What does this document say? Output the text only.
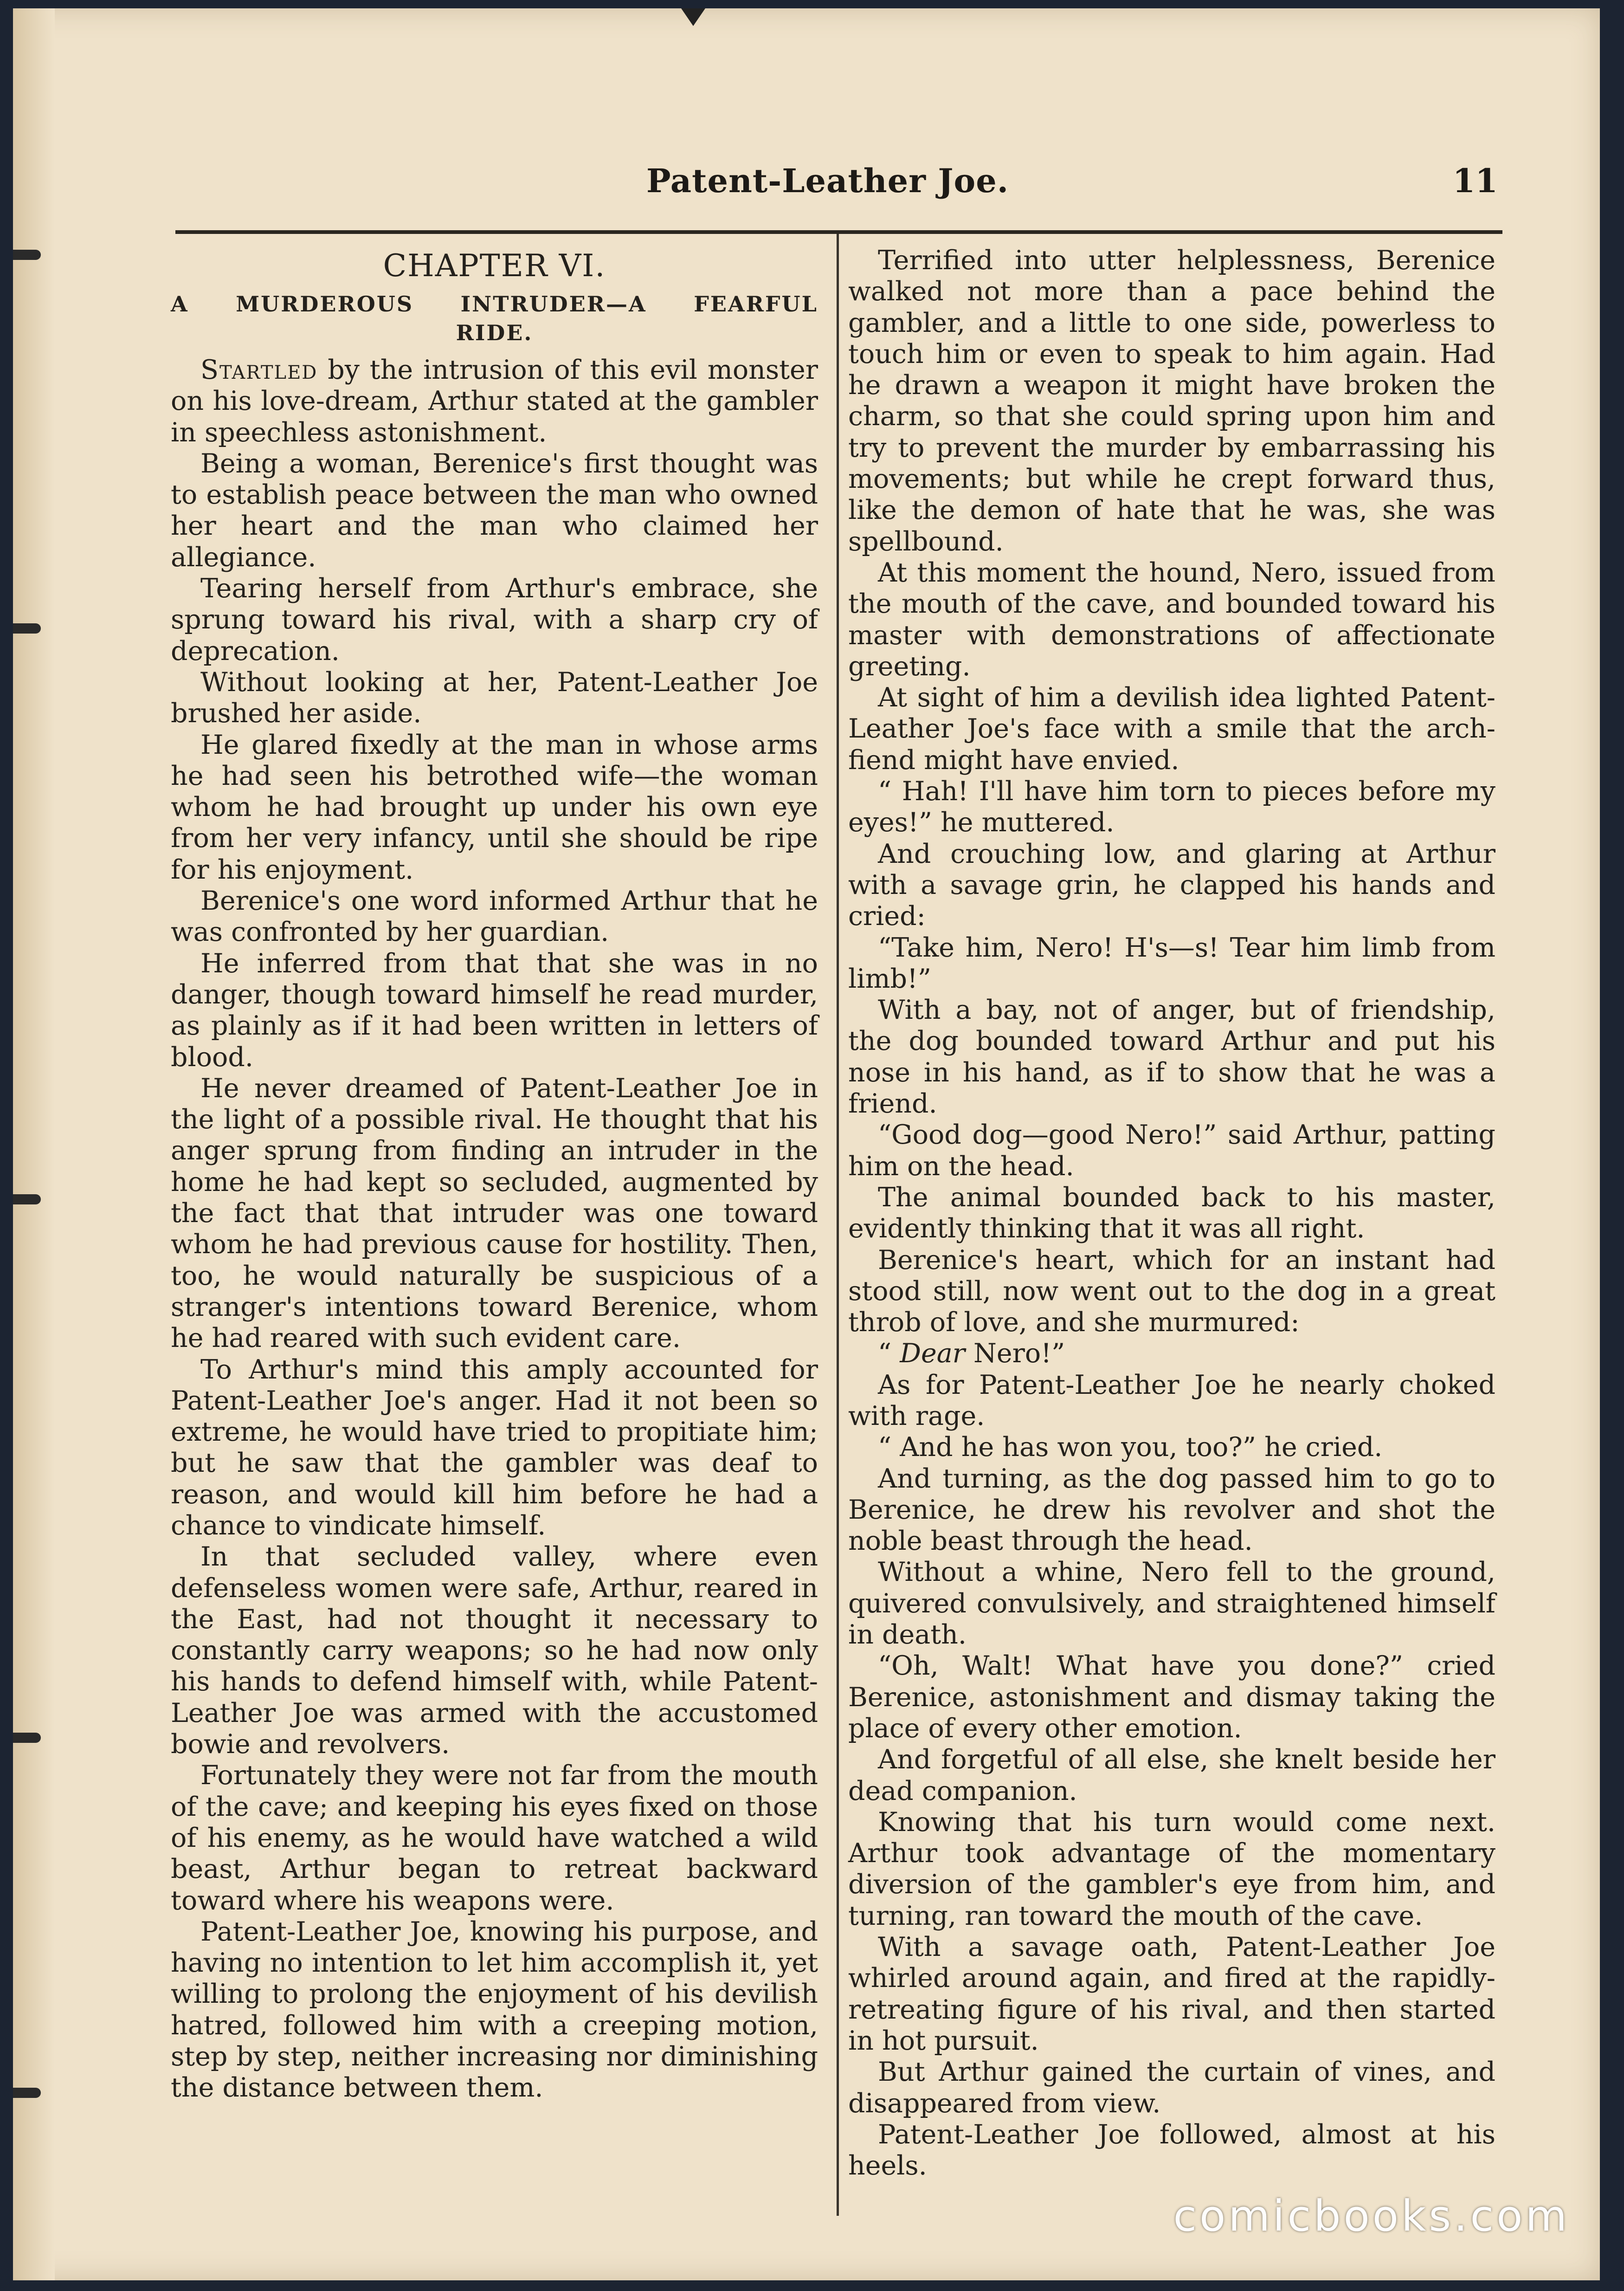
Patent-Leather Joe.	11
CHAPTER VI.
A MURDEROUS INTRUDER—A FEARFUL
RIDE.

Startled by the intrusion of this evil monster on his love-dream, Arthur stated at the gambler in speechless astonishment.

Being a woman, Berenice's first thought was to establish peace between the man who owned her heart and the man who claimed her allegiance.

Tearing herself from Arthur's embrace, she sprung toward his rival, with a sharp cry of deprecation.

Without looking at her, Patent-Leather Joe brushed her aside.

He glared fixedly at the man in whose arms he had seen his betrothed wife—the woman whom he had brought up under his own eye from her very infancy, until she should be ripe for his enjoyment.

Berenice's one word informed Arthur that he was confronted by her guardian.

He inferred from that that she was in no danger, though toward himself he read murder, as plainly as if it had been written in letters of blood.

He never dreamed of Patent-Leather Joe in the light of a possible rival. He thought that his anger sprung from finding an intruder in the home he had kept so secluded, augmented by the fact that that intruder was one toward whom he had previous cause for hostility. Then, too, he would naturally be suspicious of a stranger's intentions toward Berenice, whom he had reared with such evident care.

To Arthur's mind this amply accounted for Patent-Leather Joe's anger. Had it not been so extreme, he would have tried to propitiate him; but he saw that the gambler was deaf to reason, and would kill him before he had a chance to vindicate himself.

In that secluded valley, where even defenseless women were safe, Arthur, reared in the East, had not thought it necessary to constantly carry weapons; so he had now only his hands to defend himself with, while Patent-Leather Joe was armed with the accustomed bowie and revolvers.

Fortunately they were not far from the mouth of the cave; and keeping his eyes fixed on those of his enemy, as he would have watched a wild beast, Arthur began to retreat backward toward where his weapons were.

Patent-Leather Joe, knowing his purpose, and having no intention to let him accomplish it, yet willing to prolong the enjoyment of his devilish hatred, followed him with a creeping motion, step by step, neither increasing nor diminishing the distance between them.

Terrified into utter helplessness, Berenice walked not more than a pace behind the gambler, and a little to one side, powerless to touch him or even to speak to him again. Had he drawn a weapon it might have broken the charm, so that she could spring upon him and try to prevent the murder by embarrassing his movements; but while he crept forward thus, like the demon of hate that he was, she was spellbound.

At this moment the hound, Nero, issued from the mouth of the cave, and bounded toward his master with demonstrations of affectionate greeting.

At sight of him a devilish idea lighted Patent-Leather Joe's face with a smile that the arch-fiend might have envied.

“ Hah! I'll have him torn to pieces before my eyes!” he muttered.

And crouching low, and glaring at Arthur with a savage grin, he clapped his hands and cried:

“Take him, Nero! H's—s! Tear him limb from limb!”

With a bay, not of anger, but of friendship, the dog bounded toward Arthur and put his nose in his hand, as if to show that he was a friend.

“Good dog—good Nero!” said Arthur, patting him on the head.

The animal bounded back to his master, evidently thinking that it was all right.

Berenice's heart, which for an instant had stood still, now went out to the dog in a great throb of love, and she murmured:

“ Dear Nero!”

As for Patent-Leather Joe he nearly choked with rage.

“ And he has won you, too?” he cried.

And turning, as the dog passed him to go to Berenice, he drew his revolver and shot the noble beast through the head.

Without a whine, Nero fell to the ground, quivered convulsively, and straightened himself in death.

“Oh, Walt! What have you done?” cried Berenice, astonishment and dismay taking the place of every other emotion.

And forgetful of all else, she knelt beside her dead companion.

Knowing that his turn would come next. Arthur took advantage of the momentary diversion of the gambler's eye from him, and turning, ran toward the mouth of the cave.

With a savage oath, Patent-Leather Joe whirled around again, and fired at the rapidly-retreating figure of his rival, and then started in hot pursuit.

But Arthur gained the curtain of vines, and disappeared from view.

Patent-Leather Joe followed, almost at his heels.

comicbooks.com
